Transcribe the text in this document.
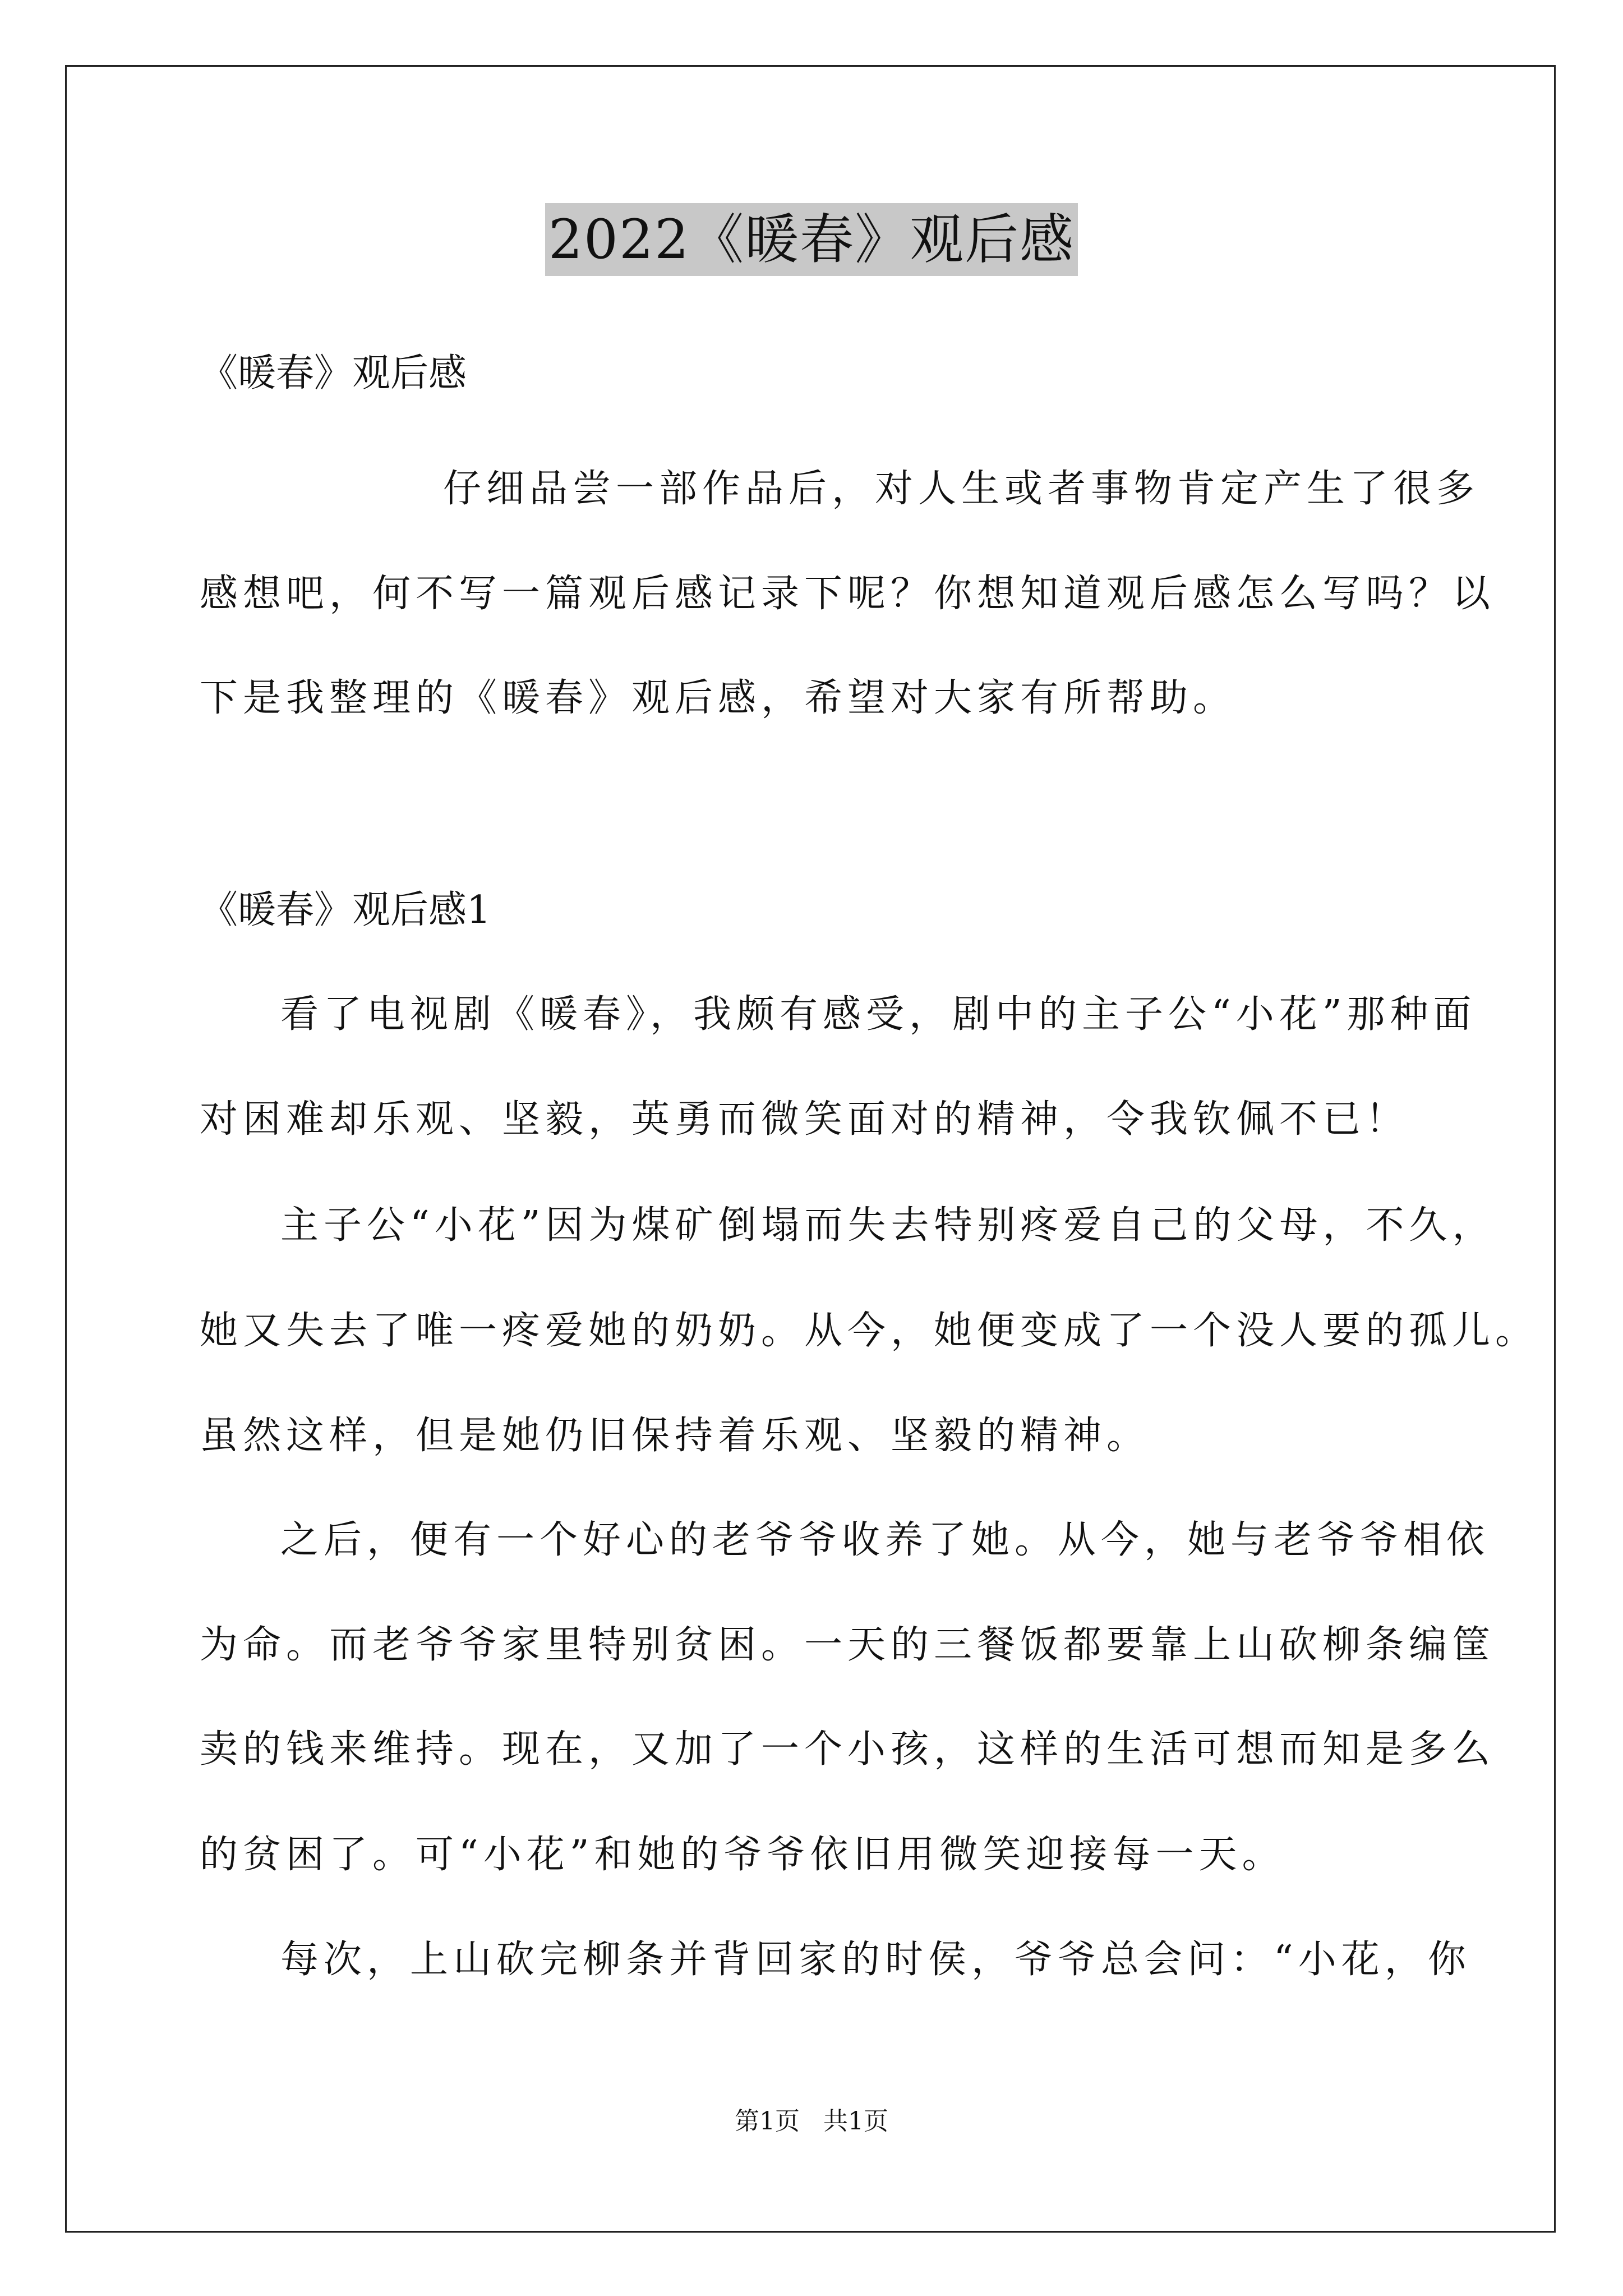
2022《暖春》观后感
《暖春》观后感
仔细品尝一部作品后，对人生或者事物肯定产生了很多
感想吧，何不写一篇观后感记录下呢？你想知道观后感怎么写吗？以
下是我整理的《暖春》观后感，希望对大家有所帮助。
《暖春》观后感1
看了电视剧《暖春》，我颇有感受，剧中的主子公“小花”那种面
对困难却乐观、坚毅，英勇而微笑面对的精神，令我钦佩不已！
主子公“小花”因为煤矿倒塌而失去特别疼爱自己的父母，不久，
她又失去了唯一疼爱她的奶奶。从今，她便变成了一个没人要的孤儿。
虽然这样，但是她仍旧保持着乐观、坚毅的精神。
之后，便有一个好心的老爷爷收养了她。从今，她与老爷爷相依
为命。而老爷爷家里特别贫困。一天的三餐饭都要靠上山砍柳条编筐
卖的钱来维持。现在，又加了一个小孩，这样的生活可想而知是多么
的贫困了。可“小花”和她的爷爷依旧用微笑迎接每一天。
每次，上山砍完柳条并背回家的时侯，爷爷总会问：“小花，你
第1页   共1页
